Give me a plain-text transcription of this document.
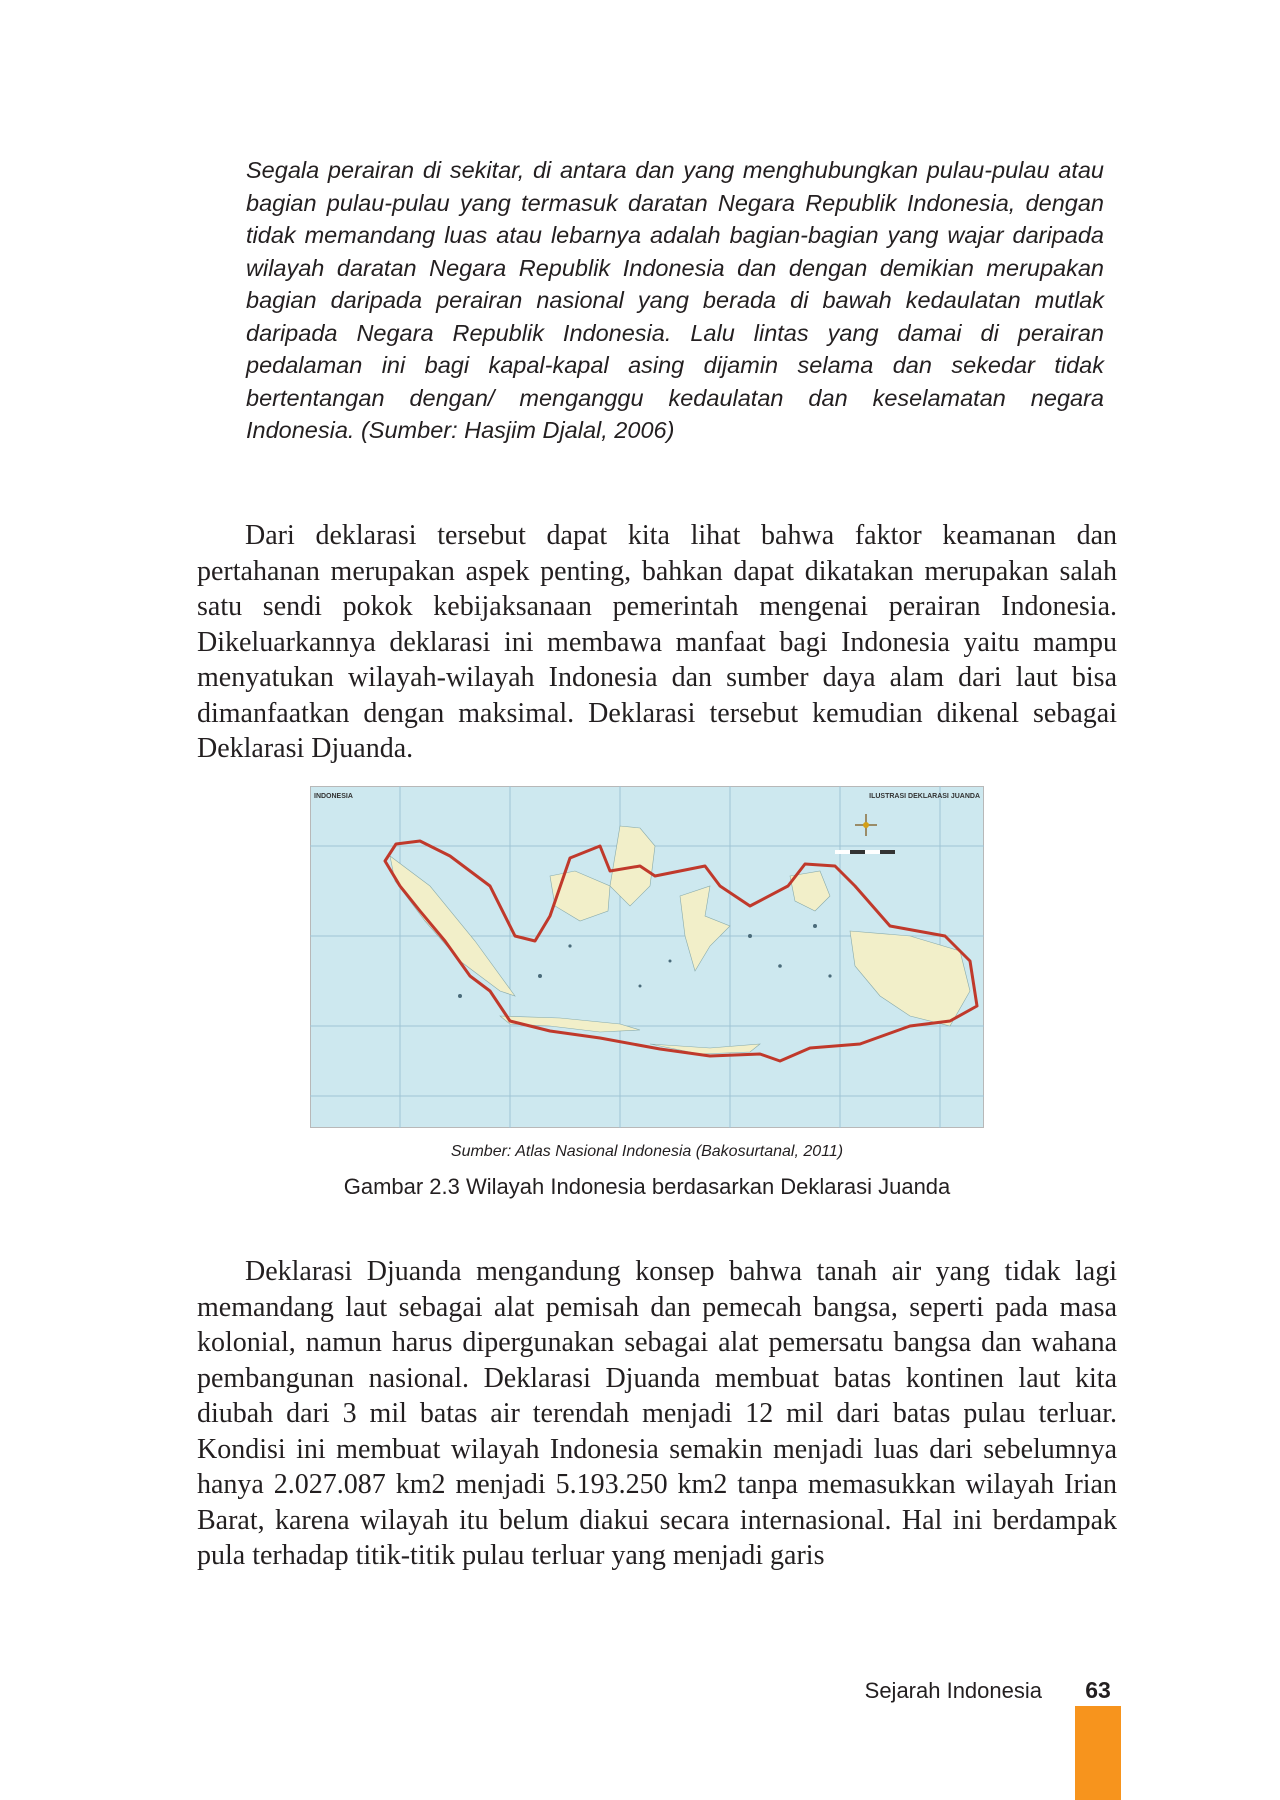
Segala perairan di sekitar, di antara dan yang menghubungkan pulau-pulau atau bagian pulau-pulau yang termasuk daratan Negara Republik Indonesia, dengan tidak memandang luas atau lebarnya adalah bagian-bagian yang wajar daripada wilayah daratan Negara Republik Indonesia dan dengan demikian merupakan bagian daripada perairan nasional yang berada di bawah kedaulatan mutlak daripada Negara Republik Indonesia. Lalu lintas yang damai di perairan pedalaman ini bagi kapal-kapal asing dijamin selama dan sekedar tidak bertentangan dengan/ menganggu kedaulatan dan keselamatan negara Indonesia. (Sumber: Hasjim Djalal, 2006)

Dari deklarasi tersebut dapat kita lihat bahwa faktor keamanan dan pertahanan merupakan aspek penting, bahkan dapat dikatakan merupakan salah satu sendi pokok kebijaksanaan pemerintah mengenai perairan Indonesia. Dikeluarkannya deklarasi ini membawa manfaat bagi Indonesia yaitu mampu menyatukan wilayah-wilayah Indonesia dan sumber daya alam dari laut bisa dimanfaatkan dengan maksimal. Deklarasi tersebut kemudian dikenal sebagai Deklarasi Djuanda.

INDONESIA	ILUSTRASI DEKLARASI JUANDA
Sumber: Atlas Nasional Indonesia (Bakosurtanal, 2011)
Gambar 2.3 Wilayah Indonesia berdasarkan Deklarasi Juanda

Deklarasi Djuanda mengandung konsep bahwa tanah air yang tidak lagi memandang laut sebagai alat pemisah dan pemecah bangsa, seperti pada masa kolonial, namun harus dipergunakan sebagai alat pemersatu bangsa dan wahana pembangunan nasional. Deklarasi Djuanda membuat batas kontinen laut kita diubah dari 3 mil batas air terendah menjadi 12 mil dari batas pulau terluar. Kondisi ini membuat wilayah Indonesia semakin menjadi luas dari sebelumnya hanya 2.027.087 km2 menjadi 5.193.250 km2 tanpa memasukkan wilayah Irian Barat, karena wilayah itu belum diakui secara internasional. Hal ini berdampak pula terhadap titik-titik pulau terluar yang menjadi garis

Sejarah Indonesia	63
